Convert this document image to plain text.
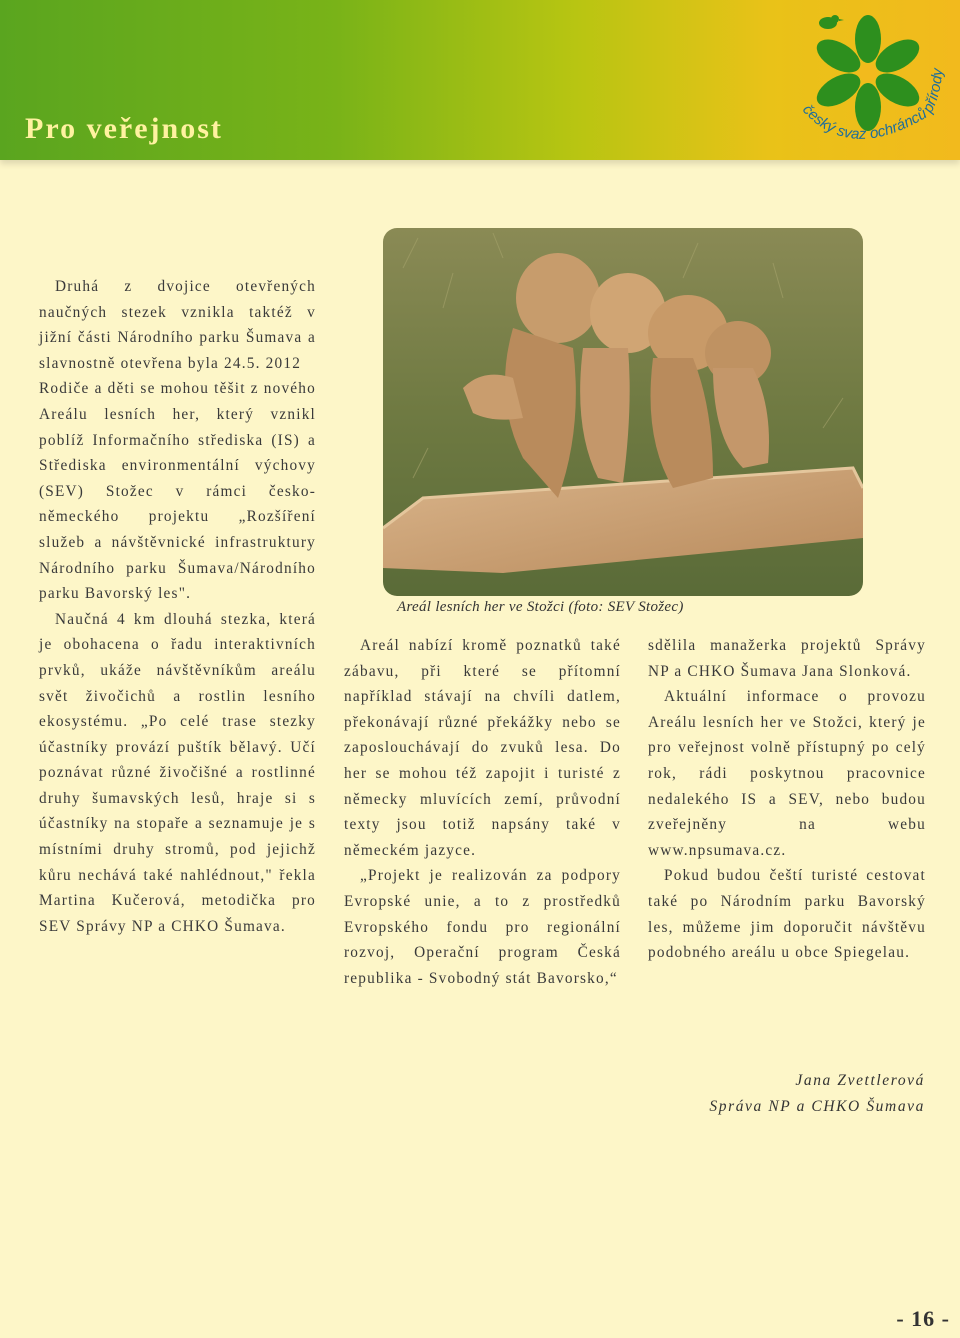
Pro veřejnost
český svaz ochránců přírody

Druhá z dvojice otevřených naučných stezek vznikla taktéž v jižní části Národního parku Šumava a slavnostně otevřena byla 24.5. 2012

Rodiče a děti se mohou těšit z nového Areálu lesních her, který vznikl poblíž Informačního střediska (IS) a Střediska environmentální výchovy (SEV) Stožec v rámci česko-německého projektu „Rozšíření služeb a návštěvnické infrastruktury Národního parku Šumava/Národního parku Bavorský les".

Naučná 4 km dlouhá stezka, která je obohacena o řadu interaktivních prvků, ukáže návštěvníkům areálu svět živočichů a rostlin lesního ekosystému. „Po celé trase stezky účastníky provází puštík bělavý. Učí poznávat různé živočišné a rostlinné druhy šumavských lesů, hraje si s účastníky na stopaře a seznamuje je s místními druhy stromů, pod jejichž kůru nechává také nahlédnout," řekla Martina Kučerová, metodička pro SEV Správy NP a CHKO Šumava.

Areál lesních her ve Stožci (foto: SEV Stožec)

Areál nabízí kromě poznatků také zábavu, při které se přítomní například stávají na chvíli datlem, překonávají různé překážky nebo se zaposlouchávají do zvuků lesa. Do her se mohou též zapojit i turisté z německy mluvících zemí, průvodní texty jsou totiž napsány také v německém jazyce.

„Projekt je realizován za podpory Evropské unie, a to z prostředků Evropského fondu pro regionální rozvoj, Operační program Česká republika - Svobodný stát Bavorsko,“

sdělila manažerka projektů Správy NP a CHKO Šumava Jana Slonková.

Aktuální informace o provozu Areálu lesních her ve Stožci, který je pro veřejnost volně přístupný po celý rok, rádi poskytnou pracovnice nedalekého IS a SEV, nebo budou zveřejněny na webu www.npsumava.cz.

Pokud budou čeští turisté cestovat také po Národním parku Bavorský les, můžeme jim doporučit návštěvu podobného areálu u obce Spiegelau.

Jana Zvettlerová
Správa NP a CHKO Šumava
- 16 -
